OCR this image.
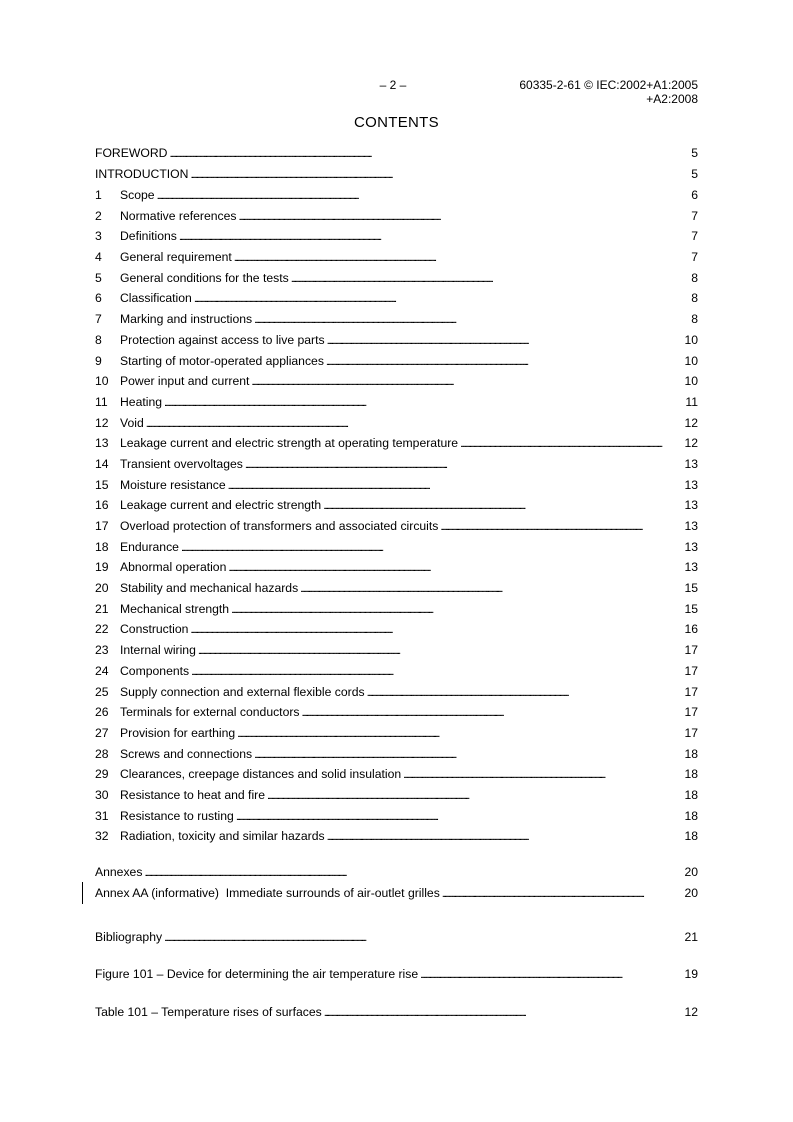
– 2 –	60335-2-61 © IEC:2002+A1:2005
+A2:2008
CONTENTS
FOREWORD . . .	5
INTRODUCTION . . .	5
1	Scope . . .	6
2	Normative references . . .	7
3	Definitions . . .	7
4	General requirement . . .	7
5	General conditions for the tests . . .	8
6	Classification . . .	8
7	Marking and instructions . . .	8
8	Protection against access to live parts . . .	10
9	Starting of motor-operated appliances . . .	10
10 Power input and current . . .	10
11	Heating . . .	11
12 Void . . .	12
13 Leakage current and electric strength at operating temperature . . .	12
14 Transient overvoltages . . .	13
15 Moisture resistance . . .	13
16 Leakage current and electric strength . . .	13
17 Overload protection of transformers and associated circuits . . .	13
18 Endurance . . .	13
19 Abnormal operation . . .	13
20 Stability and mechanical hazards . . .	15
21 Mechanical strength . . .	15
22 Construction . . .	16
23 Internal wiring . . .	17
24 Components . . .	17
25 Supply connection and external flexible cords . . .	17
26 Terminals for external conductors . . .	17
27 Provision for earthing . . .	17
28 Screws and connections . . .	18
29 Clearances, creepage distances and solid insulation . . .	18
30 Resistance to heat and fire . . .	18
31 Resistance to rusting . . .	18
32 Radiation, toxicity and similar hazards . . .	18
Annexes . . .	20
Annex AA (informative)  Immediate surrounds of air-outlet grilles . . .	20
Bibliography . . .	21
Figure 101 – Device for determining the air temperature rise . . .	19
Table 101 – Temperature rises of surfaces . . .	12
